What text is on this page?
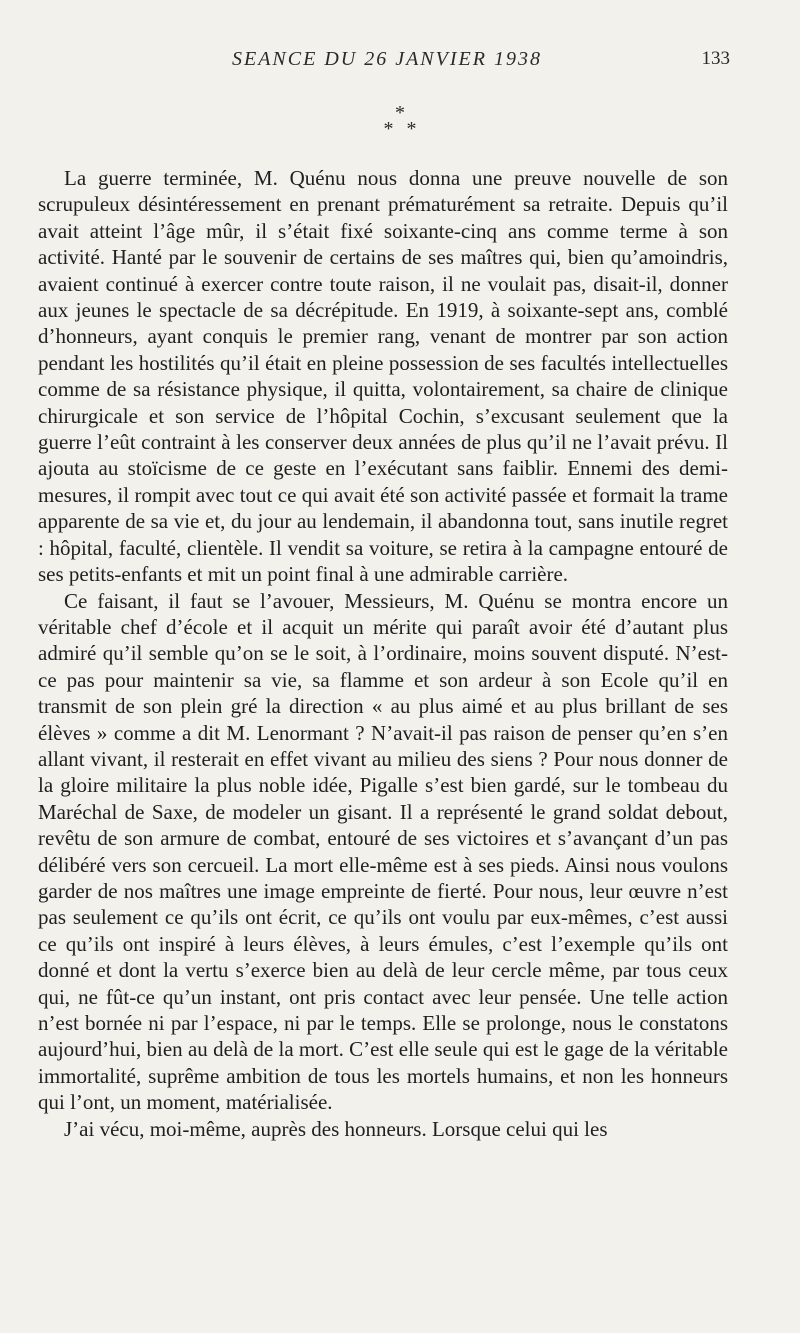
SEANCE DU 26 JANVIER 1938	133
*
* *

La guerre terminée, M. Quénu nous donna une preuve nouvelle de son scrupuleux désintéressement en prenant prématurément sa retraite. Depuis qu’il avait atteint l’âge mûr, il s’était fixé soixante-cinq ans comme terme à son activité. Hanté par le souvenir de certains de ses maîtres qui, bien qu’amoindris, avaient continué à exercer contre toute raison, il ne voulait pas, disait-il, donner aux jeunes le spectacle de sa décrépitude. En 1919, à soixante-sept ans, comblé d’honneurs, ayant conquis le premier rang, venant de montrer par son action pendant les hostilités qu’il était en pleine possession de ses facultés intellectuelles comme de sa résistance physique, il quitta, volontairement, sa chaire de clinique chirurgicale et son service de l’hôpital Cochin, s’excusant seulement que la guerre l’eût contraint à les conserver deux années de plus qu’il ne l’avait prévu. Il ajouta au stoïcisme de ce geste en l’exécutant sans faiblir. Ennemi des demi-mesures, il rompit avec tout ce qui avait été son activité passée et formait la trame apparente de sa vie et, du jour au lendemain, il abandonna tout, sans inutile regret : hôpital, faculté, clientèle. Il vendit sa voiture, se retira à la campagne entouré de ses petits-enfants et mit un point final à une admirable carrière.

Ce faisant, il faut se l’avouer, Messieurs, M. Quénu se montra encore un véritable chef d’école et il acquit un mérite qui paraît avoir été d’autant plus admiré qu’il semble qu’on se le soit, à l’ordinaire, moins souvent disputé. N’est-ce pas pour maintenir sa vie, sa flamme et son ardeur à son Ecole qu’il en transmit de son plein gré la direction « au plus aimé et au plus brillant de ses élèves » comme a dit M. Lenormant ? N’avait-il pas raison de penser qu’en s’en allant vivant, il resterait en effet vivant au milieu des siens ? Pour nous donner de la gloire militaire la plus noble idée, Pigalle s’est bien gardé, sur le tombeau du Maréchal de Saxe, de modeler un gisant. Il a représenté le grand soldat debout, revêtu de son armure de combat, entouré de ses victoires et s’avançant d’un pas délibéré vers son cercueil. La mort elle-même est à ses pieds. Ainsi nous voulons garder de nos maîtres une image empreinte de fierté. Pour nous, leur œuvre n’est pas seulement ce qu’ils ont écrit, ce qu’ils ont voulu par eux-mêmes, c’est aussi ce qu’ils ont inspiré à leurs élèves, à leurs émules, c’est l’exemple qu’ils ont donné et dont la vertu s’exerce bien au delà de leur cercle même, par tous ceux qui, ne fût-ce qu’un instant, ont pris contact avec leur pensée. Une telle action n’est bornée ni par l’espace, ni par le temps. Elle se prolonge, nous le constatons aujourd’hui, bien au delà de la mort. C’est elle seule qui est le gage de la véritable immortalité, suprême ambition de tous les mortels humains, et non les honneurs qui l’ont, un moment, matérialisée.

J’ai vécu, moi-même, auprès des honneurs. Lorsque celui qui les
